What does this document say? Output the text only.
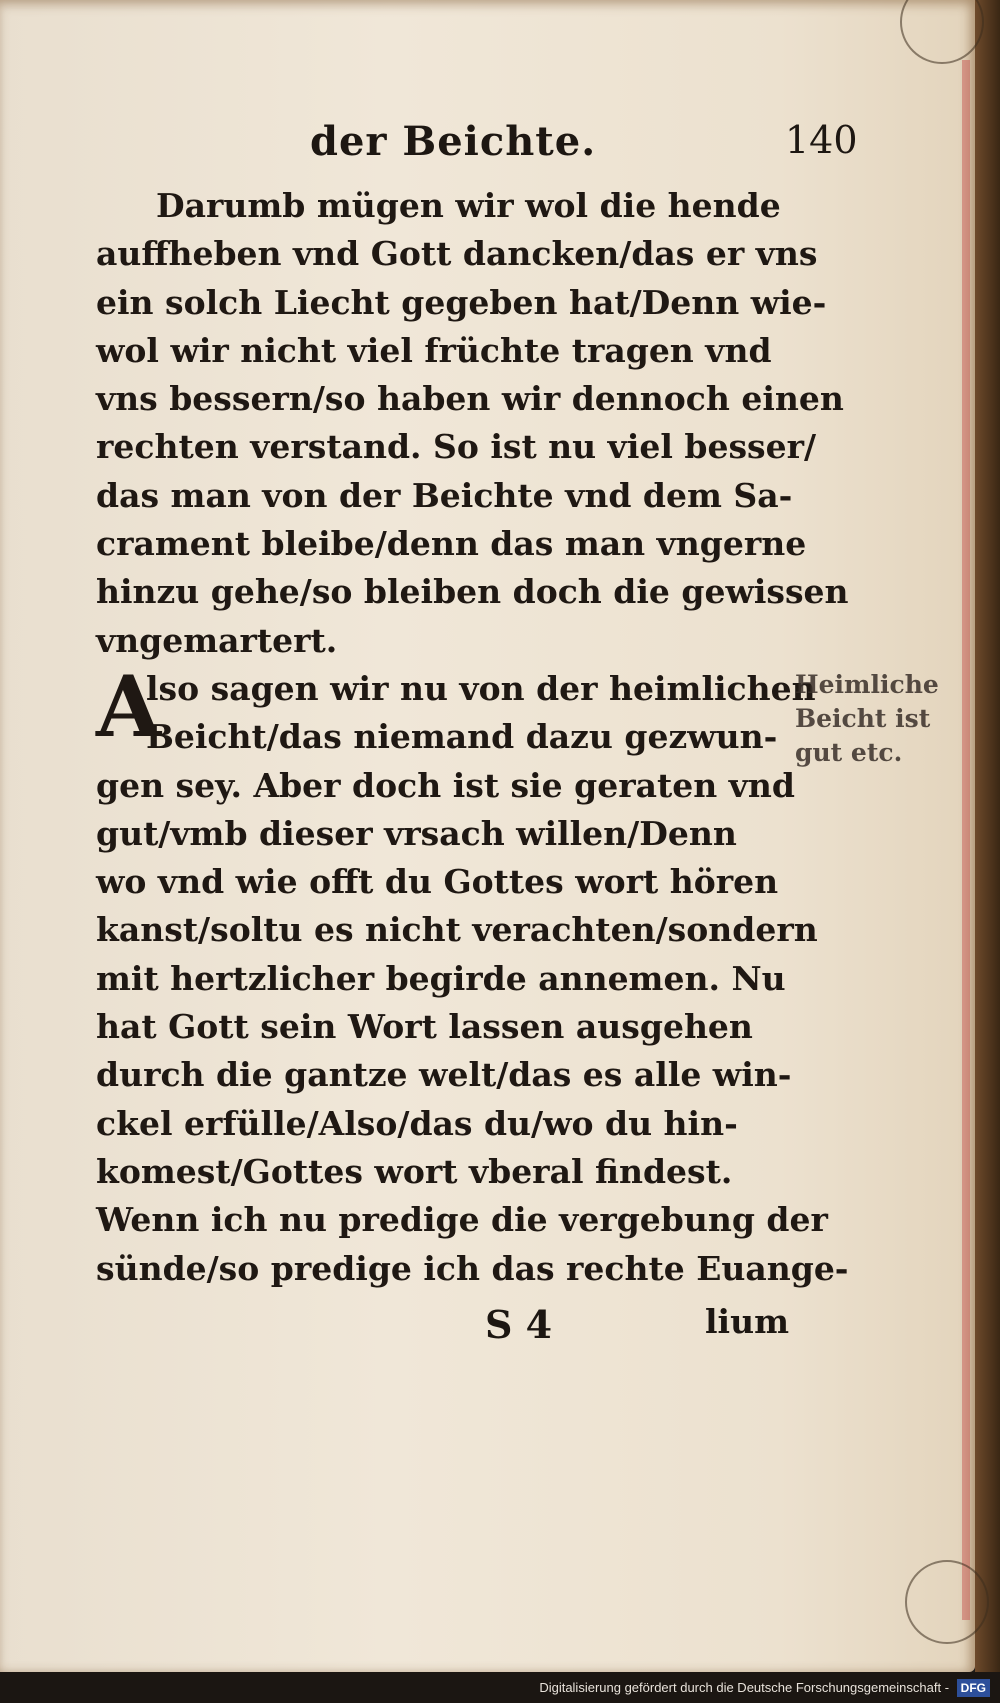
der Beichte.	140
Darumb mügen wir wol die hende
auffheben vnd Gott dancken/das er vns
ein solch Liecht gegeben hat/Denn wie-
wol wir nicht viel früchte tragen vnd
vns bessern/so haben wir dennoch einen
rechten verstand. So ist nu viel besser/
das man von der Beichte vnd dem Sa-
crament bleibe/denn das man vngerne
hinzu gehe/so bleiben doch die gewissen
vngemartert.
A
lso sagen wir nu von der heimlichen
Beicht/das niemand dazu gezwun-
gen sey. Aber doch ist sie geraten vnd
gut/vmb dieser vrsach willen/Denn
wo vnd wie offt du Gottes wort hören
kanst/soltu es nicht verachten/sondern
mit hertzlicher begirde annemen. Nu
hat Gott sein Wort lassen ausgehen
durch die gantze welt/das es alle win-
ckel erfülle/Also/das du/wo du hin-
komest/Gottes wort vberal findest.
Wenn ich nu predige die vergebung der
sünde/so predige ich das rechte Euange-
Heimliche
Beicht ist
gut etc.
S 4	lium
Digitalisierung gefördert durch die Deutsche Forschungsgemeinschaft - DFG
